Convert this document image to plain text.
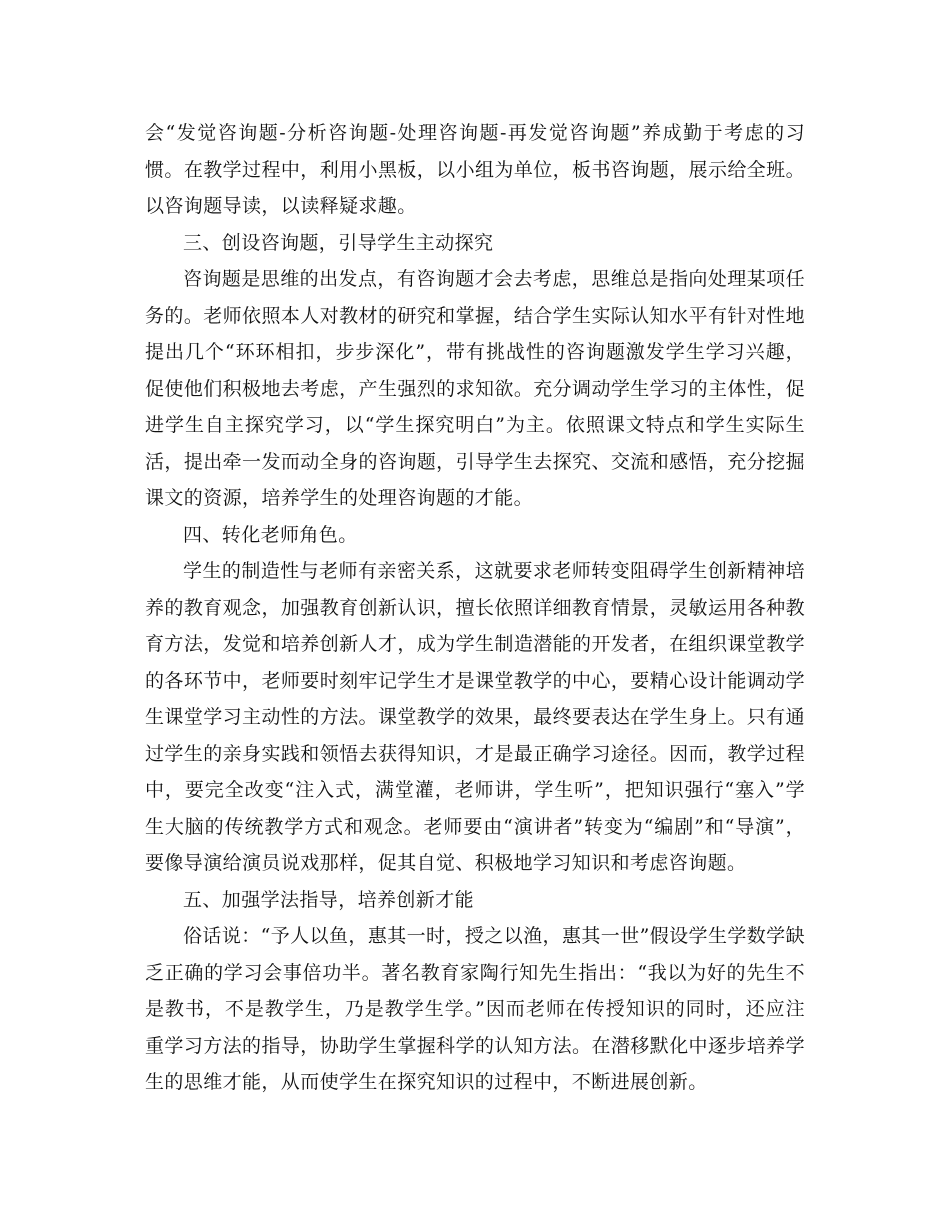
会“发觉咨询题-分析咨询题-处理咨询题-再发觉咨询题”养成勤于考虑的习惯。在教学过程中，利用小黑板，以小组为单位，板书咨询题，展示给全班。以咨询题导读，以读释疑求趣。

三、创设咨询题，引导学生主动探究

咨询题是思维的出发点，有咨询题才会去考虑，思维总是指向处理某项任务的。老师依照本人对教材的研究和掌握，结合学生实际认知水平有针对性地提出几个“环环相扣，步步深化”，带有挑战性的咨询题激发学生学习兴趣，促使他们积极地去考虑，产生强烈的求知欲。充分调动学生学习的主体性，促进学生自主探究学习，以“学生探究明白”为主。依照课文特点和学生实际生活，提出牵一发而动全身的咨询题，引导学生去探究、交流和感悟，充分挖掘课文的资源，培养学生的处理咨询题的才能。

四、转化老师角色。

学生的制造性与老师有亲密关系，这就要求老师转变阻碍学生创新精神培养的教育观念，加强教育创新认识，擅长依照详细教育情景，灵敏运用各种教育方法，发觉和培养创新人才，成为学生制造潜能的开发者，在组织课堂教学的各环节中，老师要时刻牢记学生才是课堂教学的中心，要精心设计能调动学生课堂学习主动性的方法。课堂教学的效果，最终要表达在学生身上。只有通过学生的亲身实践和领悟去获得知识，才是最正确学习途径。因而，教学过程中，要完全改变“注入式，满堂灌，老师讲，学生听”，把知识强行“塞入”学生大脑的传统教学方式和观念。老师要由“演讲者”转变为“编剧”和“导演”，要像导演给演员说戏那样，促其自觉、积极地学习知识和考虑咨询题。

五、加强学法指导，培养创新才能

俗话说：“予人以鱼，惠其一时，授之以渔，惠其一世”假设学生学数学缺乏正确的学习会事倍功半。著名教育家陶行知先生指出：“我以为好的先生不是教书，不是教学生，乃是教学生学。”因而老师在传授知识的同时，还应注重学习方法的指导，协助学生掌握科学的认知方法。在潜移默化中逐步培养学生的思维才能，从而使学生在探究知识的过程中，不断进展创新。
